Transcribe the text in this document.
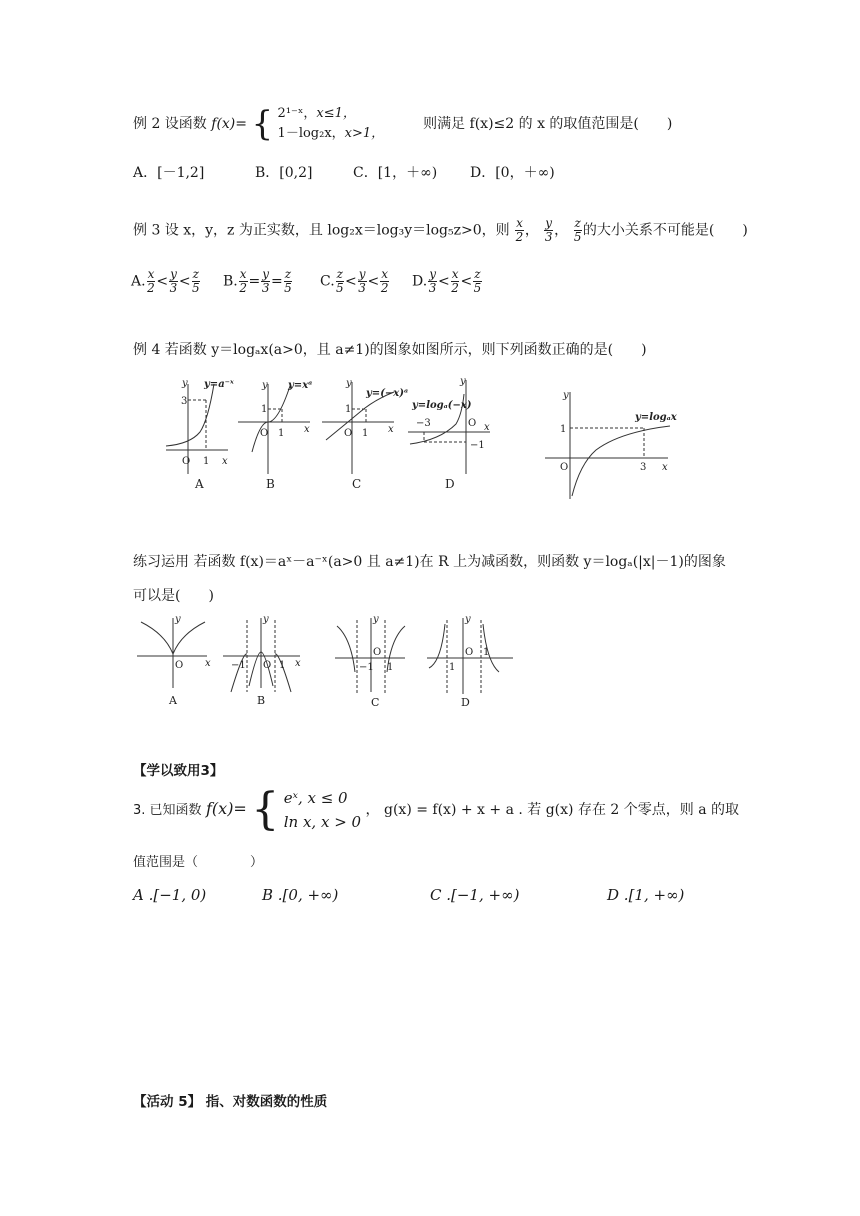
例 2 设函数 f(x)= { 2¹⁻ˣ，x≤1，
1－log₂x，x>1，
则满足 f(x)≤2 的 x 的取值范围是(　　)
A．[－1,2]	B．[0,2]	C．[1，＋∞) D．[0，＋∞)
例 3 设 x，y，z 为正实数，且 log₂x＝log₃y＝log₅z>0，则 $\frac{x}{2}$ ， $\frac{y}{3}$ ， $\frac{z}{5}$ 的大小关系不可能是(　　)
A. $\frac{x}{2} < \frac{y}{3} < \frac{z}{5} B$. $\frac{x}{2} = \frac{y}{3} = \frac{z}{5} C$. $\frac{z}{5} < \frac{y}{3} < \frac{x}{2} D$. $\frac{y}{3} < \frac{x}{2} < \frac{z}{5}$
例 4 若函数 y＝logₐx(a>0，且 a≠1)的图象如图所示，则下列函数正确的是(　　)
y y=a⁻ˣ
3
O 1 x
y y=xᵃ
1
O 1 x
y
y=(−x)ᵃ
1
O 1 x
y
y=logₐ(−x)
−3	O x
−1
y
y=logₐx
1
O	3 x
A	B	C	D
练习运用 若函数 f(x)＝aˣ－a⁻ˣ(a>0 且 a≠1)在 R 上为减函数，则函数 y＝logₐ(|x|－1)的图象
可以是(　　)
y
O x
y
−1 O 1 x
y
−1
O
1
y
1
O 1
A	B	C	D
【学以致用3】
3. 已知函数 f(x)= { eˣ, x ≤ 0
ln x, x > 0
， g(x) = f(x) + x + a . 若 g(x) 存在 2 个零点，则 a 的取
值范围是（　　　　）
A .[−1, 0)	B .[0, +∞)	C .[−1, +∞)	D .[1, +∞)
【活动 5】 指、对数函数的性质
